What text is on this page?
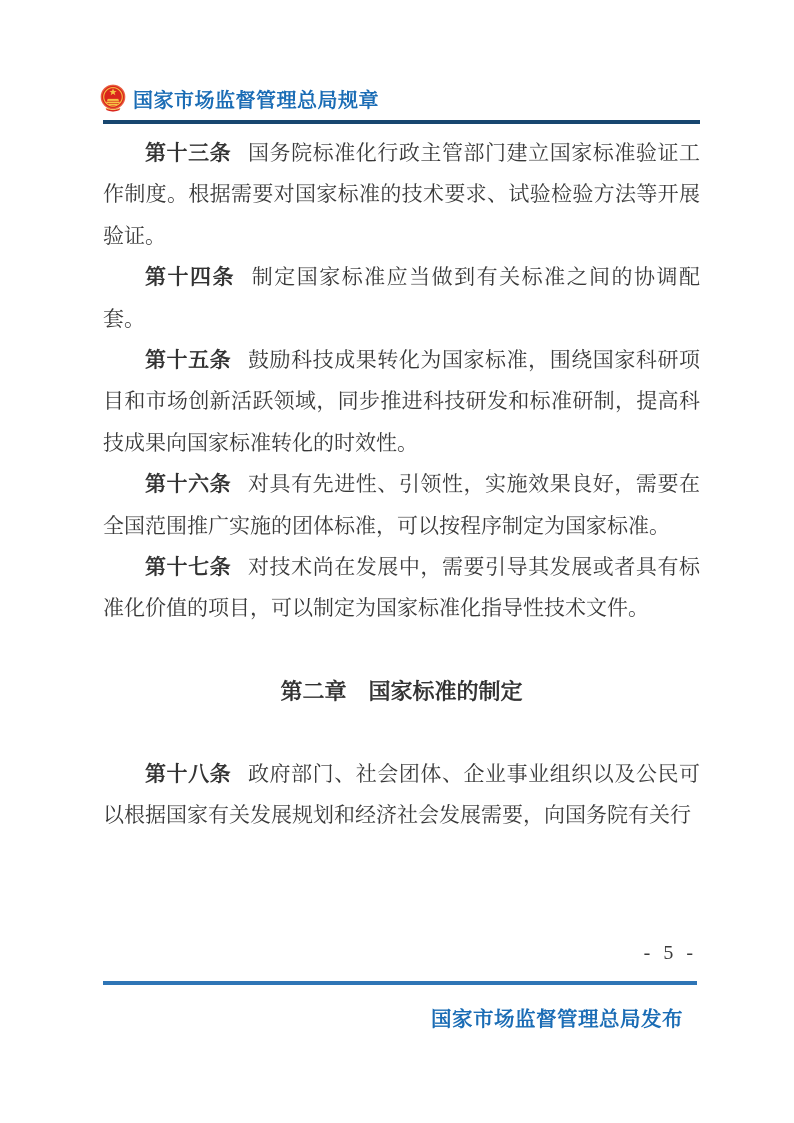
国家市场监督管理总局规章

第十三条 国务院标准化行政主管部门建立国家标准验证工作制度。根据需要对国家标准的技术要求、试验检验方法等开展验证。

第十四条 制定国家标准应当做到有关标准之间的协调配套。

第十五条 鼓励科技成果转化为国家标准，围绕国家科研项目和市场创新活跃领域，同步推进科技研发和标准研制，提高科技成果向国家标准转化的时效性。

第十六条 对具有先进性、引领性，实施效果良好，需要在全国范围推广实施的团体标准，可以按程序制定为国家标准。

第十七条 对技术尚在发展中，需要引导其发展或者具有标准化价值的项目，可以制定为国家标准化指导性技术文件。

第二章 国家标准的制定

第十八条 政府部门、社会团体、企业事业组织以及公民可以根据国家有关发展规划和经济社会发展需要，向国务院有关行

- 5 -
国家市场监督管理总局发布
